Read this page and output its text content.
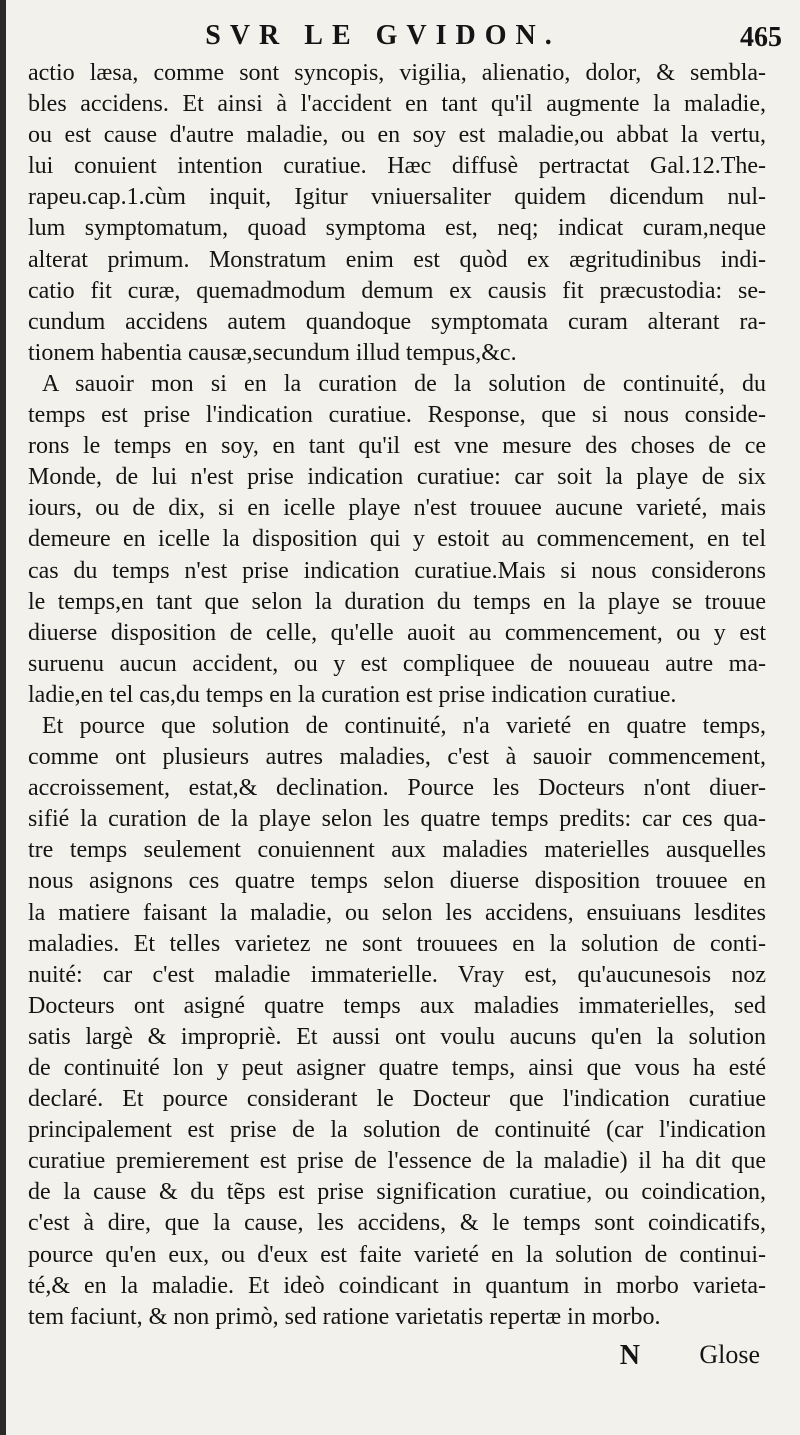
SVR LE GVIDON.	465
actio læsa, comme sont syncopis, vigilia, alienatio, dolor, & sembla-
bles accidens. Et ainsi à l'accident en tant qu'il augmente la maladie,
ou est cause d'autre maladie, ou en soy est maladie,ou abbat la vertu,
lui conuient intention curatiue. Hæc diffusè pertractat Gal.12.The-
rapeu.cap.1.cùm inquit, Igitur vniuersaliter quidem dicendum nul-
lum symptomatum, quoad symptoma est, neq; indicat curam,neque
alterat primum. Monstratum enim est quòd ex ægritudinibus indi-
catio fit curæ, quemadmodum demum ex causis fit præcustodia: se-
cundum accidens autem quandoque symptomata curam alterant ra-
tionem habentia causæ,secundum illud tempus,&c.
A sauoir mon si en la curation de la solution de continuité, du
temps est prise l'indication curatiue. Response, que si nous conside-
rons le temps en soy, en tant qu'il est vne mesure des choses de ce
Monde, de lui n'est prise indication curatiue: car soit la playe de six
iours, ou de dix, si en icelle playe n'est trouuee aucune varieté, mais
demeure en icelle la disposition qui y estoit au commencement, en tel
cas du temps n'est prise indication curatiue.Mais si nous considerons
le temps,en tant que selon la duration du temps en la playe se trouue
diuerse disposition de celle, qu'elle auoit au commencement, ou y est
suruenu aucun accident, ou y est compliquee de nouueau autre ma-
ladie,en tel cas,du temps en la curation est prise indication curatiue.
Et pource que solution de continuité, n'a varieté en quatre temps,
comme ont plusieurs autres maladies, c'est à sauoir commencement,
accroissement, estat,& declination. Pource les Docteurs n'ont diuer-
sifié la curation de la playe selon les quatre temps predits: car ces qua-
tre temps seulement conuiennent aux maladies materielles ausquelles
nous asignons ces quatre temps selon diuerse disposition trouuee en
la matiere faisant la maladie, ou selon les accidens, ensuiuans lesdites
maladies. Et telles varietez ne sont trouuees en la solution de conti-
nuité: car c'est maladie immaterielle. Vray est, qu'aucunesois noz
Docteurs ont asigné quatre temps aux maladies immaterielles, sed
satis largè & impropriè. Et aussi ont voulu aucuns qu'en la solution
de continuité lon y peut asigner quatre temps, ainsi que vous ha esté
declaré. Et pource considerant le Docteur que l'indication curatiue
principalement est prise de la solution de continuité (car l'indication
curatiue premierement est prise de l'essence de la maladie) il ha dit que
de la cause & du tẽps est prise signification curatiue, ou coindication,
c'est à dire, que la cause, les accidens, & le temps sont coindicatifs,
pource qu'en eux, ou d'eux est faite varieté en la solution de continui-
té,& en la maladie. Et ideò coindicant in quantum in morbo varieta-
tem faciunt, & non primò, sed ratione varietatis repertæ in morbo.
N Glose
